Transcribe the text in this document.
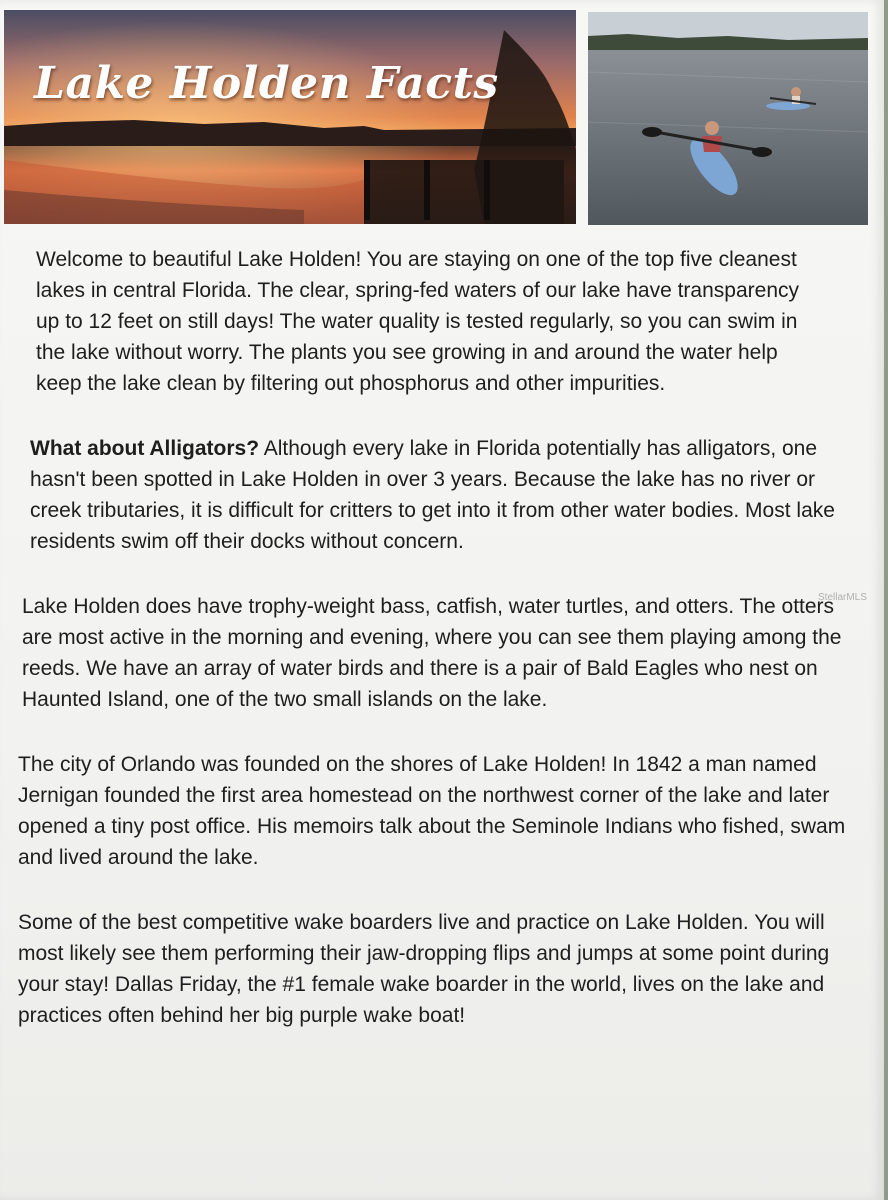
Lake Holden Facts

Welcome to beautiful Lake Holden! You are staying on one of the top five cleanest lakes in central Florida. The clear, spring-fed waters of our lake have transparency up to 12 feet on still days! The water quality is tested regularly, so you can swim in the lake without worry. The plants you see growing in and around the water help keep the lake clean by filtering out phosphorus and other impurities.

What about Alligators? Although every lake in Florida potentially has alligators, one hasn't been spotted in Lake Holden in over 3 years. Because the lake has no river or creek tributaries, it is difficult for critters to get into it from other water bodies. Most lake residents swim off their docks without concern.

Lake Holden does have trophy-weight bass, catfish, water turtles, and otters. The otters are most active in the morning and evening, where you can see them playing among the reeds. We have an array of water birds and there is a pair of Bald Eagles who nest on Haunted Island, one of the two small islands on the lake.

The city of Orlando was founded on the shores of Lake Holden! In 1842 a man named Jernigan founded the first area homestead on the northwest corner of the lake and later opened a tiny post office. His memoirs talk about the Seminole Indians who fished, swam and lived around the lake.

Some of the best competitive wake boarders live and practice on Lake Holden. You will most likely see them performing their jaw-dropping flips and jumps at some point during your stay! Dallas Friday, the #1 female wake boarder in the world, lives on the lake and practices often behind her big purple wake boat!

StellarMLS
